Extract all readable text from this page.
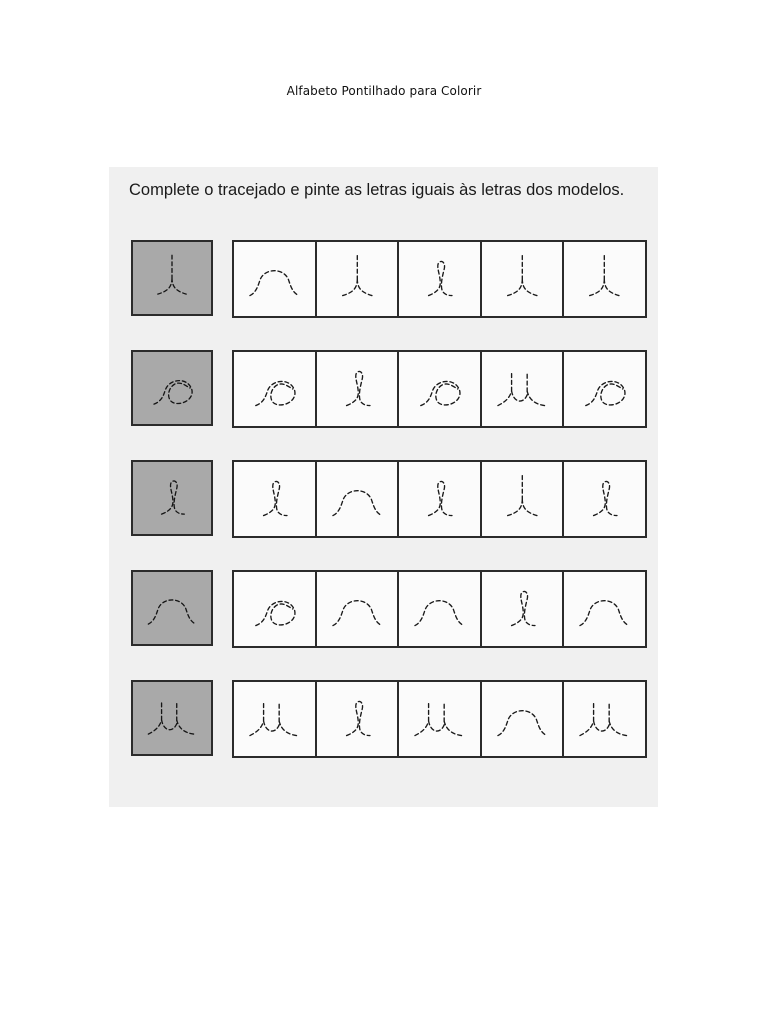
Alfabeto Pontilhado para Colorir
Complete o tracejado e pinte as letras iguais às letras dos modelos.
